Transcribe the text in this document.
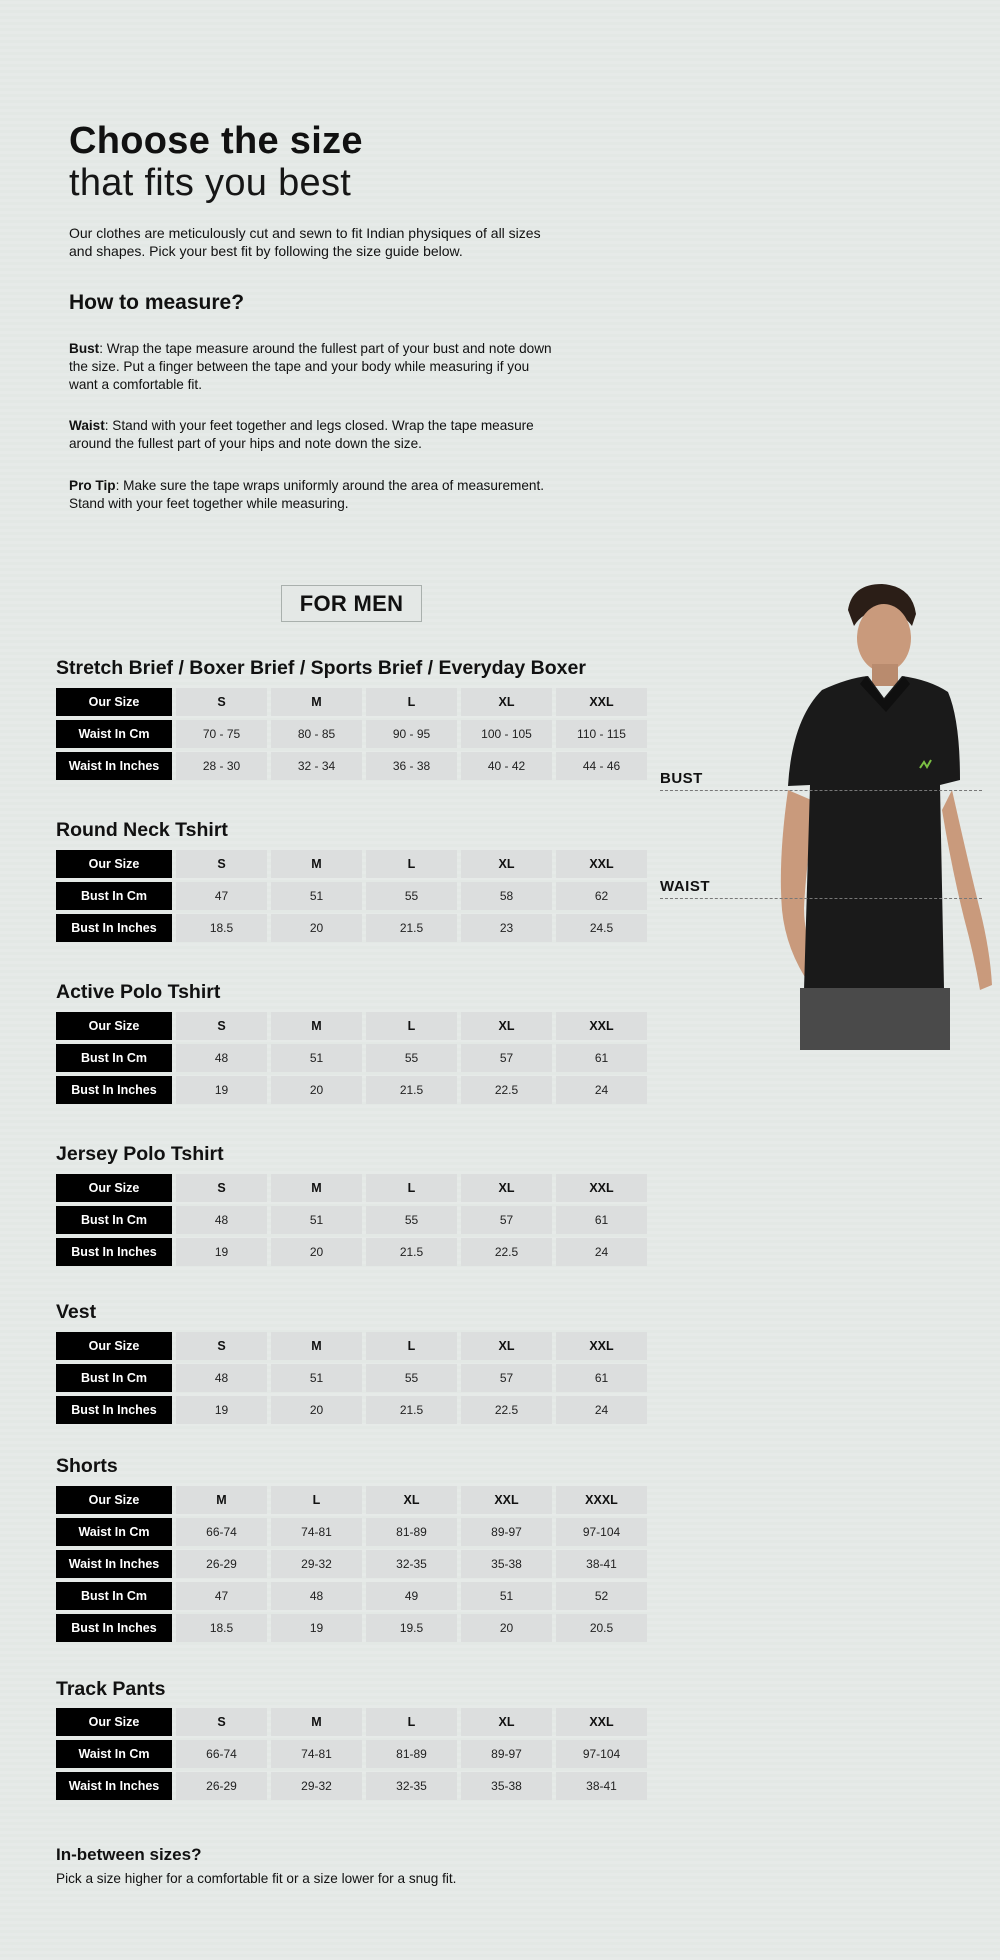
Choose the size
that fits you best

Our clothes are meticulously cut and sewn to fit Indian physiques of all sizes and shapes. Pick your best fit by following the size guide below.

How to measure?

Bust: Wrap the tape measure around the fullest part of your bust and note down the size. Put a finger between the tape and your body while measuring if you want a comfortable fit.

Waist: Stand with your feet together and legs closed. Wrap the tape measure around the fullest part of your hips and note down the size.

Pro Tip: Make sure the tape wraps uniformly around the area of measurement. Stand with your feet together while measuring.

FOR MEN
BUST
WAIST
Stretch Brief / Boxer Brief / Sports Brief / Everyday Boxer
Our Size	S	M	L	XL	XXL
Waist In Cm	70 - 75	80 - 85	90 - 95	100 - 105	110 - 115
Waist In Inches	28 - 30	32 - 34	36 - 38	40 - 42	44 - 46
Round Neck Tshirt
Our Size	S	M	L	XL	XXL
Bust In Cm	47	51	55	58	62
Bust In Inches	18.5	20	21.5	23	24.5
Active Polo Tshirt
Our Size	S	M	L	XL	XXL
Bust In Cm	48	51	55	57	61
Bust In Inches	19	20	21.5	22.5	24
Jersey Polo Tshirt
Our Size	S	M	L	XL	XXL
Bust In Cm	48	51	55	57	61
Bust In Inches	19	20	21.5	22.5	24
Vest
Our Size	S	M	L	XL	XXL
Bust In Cm	48	51	55	57	61
Bust In Inches	19	20	21.5	22.5	24
Shorts
Our Size	M	L	XL	XXL	XXXL
Waist In Cm	66-74	74-81	81-89	89-97	97-104
Waist In Inches	26-29	29-32	32-35	35-38	38-41
Bust In Cm	47	48	49	51	52
Bust In Inches	18.5	19	19.5	20	20.5
Track Pants
Our Size	S	M	L	XL	XXL
Waist In Cm	66-74	74-81	81-89	89-97	97-104
Waist In Inches	26-29	29-32	32-35	35-38	38-41
In-between sizes?

Pick a size higher for a comfortable fit or a size lower for a snug fit.
